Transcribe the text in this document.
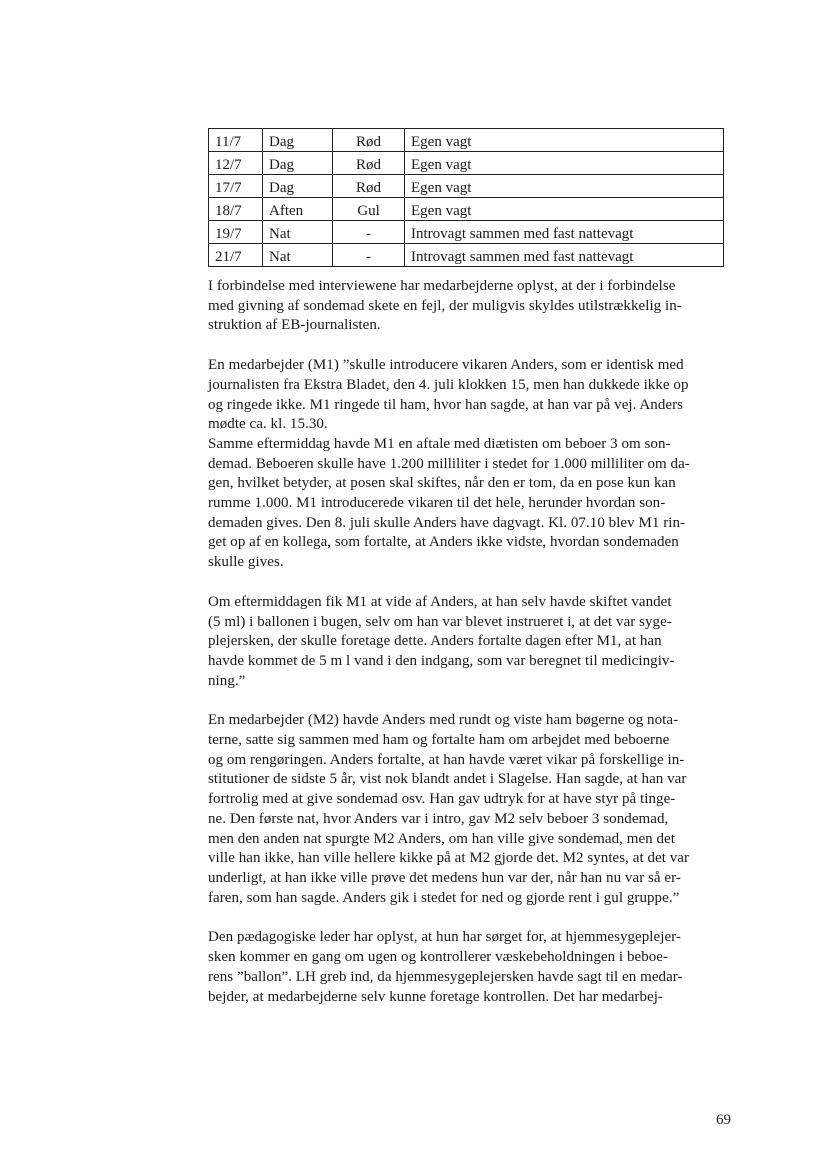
11/7	Dag	Rød	Egen vagt
12/7	Dag	Rød	Egen vagt
17/7	Dag	Rød	Egen vagt
18/7	Aften	Gul	Egen vagt
19/7	Nat	-	Introvagt sammen med fast nattevagt
21/7	Nat	-	Introvagt sammen med fast nattevagt

I forbindelse med interviewene har medarbejderne oplyst, at der i forbindelse
med givning af sondemad skete en fejl, der muligvis skyldes utilstrækkelig in-
struktion af EB-journalisten.

En medarbejder (M1) ”skulle introducere vikaren Anders, som er identisk med
journalisten fra Ekstra Bladet, den 4. juli klokken 15, men han dukkede ikke op
og ringede ikke. M1 ringede til ham, hvor han sagde, at han var på vej. Anders
mødte ca. kl. 15.30.
Samme eftermiddag havde M1 en aftale med diætisten om beboer 3 om son-
demad. Beboeren skulle have 1.200 milliliter i stedet for 1.000 milliliter om da-
gen, hvilket betyder, at posen skal skiftes, når den er tom, da en pose kun kan
rumme 1.000. M1 introducerede vikaren til det hele, herunder hvordan son-
demaden gives. Den 8. juli skulle Anders have dagvagt. Kl. 07.10 blev M1 rin-
get op af en kollega, som fortalte, at Anders ikke vidste, hvordan sondemaden
skulle gives.

Om eftermiddagen fik M1 at vide af Anders, at han selv havde skiftet vandet
(5 ml) i ballonen i bugen, selv om han var blevet instrueret i, at det var syge-
plejersken, der skulle foretage dette. Anders fortalte dagen efter M1, at han
havde kommet de 5 m l vand i den indgang, som var beregnet til medicingiv-
ning.”

En medarbejder (M2) havde Anders med rundt og viste ham bøgerne og nota-
terne, satte sig sammen med ham og fortalte ham om arbejdet med beboerne
og om rengøringen. Anders fortalte, at han havde været vikar på forskellige in-
stitutioner de sidste 5 år, vist nok blandt andet i Slagelse. Han sagde, at han var
fortrolig med at give sondemad osv. Han gav udtryk for at have styr på tinge-
ne. Den første nat, hvor Anders var i intro, gav M2 selv beboer 3 sondemad,
men den anden nat spurgte M2 Anders, om han ville give sondemad, men det
ville han ikke, han ville hellere kikke på at M2 gjorde det. M2 syntes, at det var
underligt, at han ikke ville prøve det medens hun var der, når han nu var så er-
faren, som han sagde. Anders gik i stedet for ned og gjorde rent i gul gruppe.”

Den pædagogiske leder har oplyst, at hun har sørget for, at hjemmesygeplejer-
sken kommer en gang om ugen og kontrollerer væskebeholdningen i beboe-
rens ”ballon”. LH greb ind, da hjemmesygeplejersken havde sagt til en medar-
bejder, at medarbejderne selv kunne foretage kontrollen. Det har medarbej-

69
